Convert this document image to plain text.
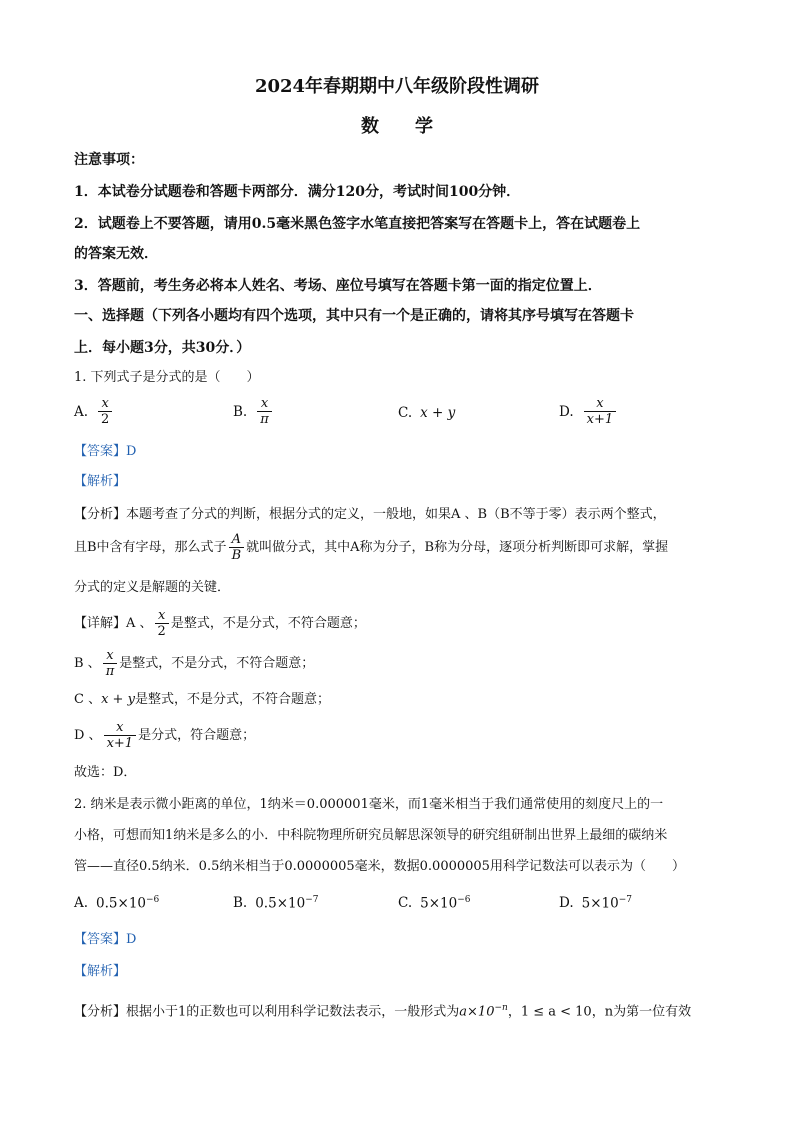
2024年春期期中八年级阶段性调研
数　　学
注意事项：
1．本试卷分试题卷和答题卡两部分．满分120分，考试时间100分钟．
2．试题卷上不要答题，请用0.5毫米黑色签字水笔直接把答案写在答题卡上，答在试题卷上
的答案无效．
3．答题前，考生务必将本人姓名、考场、座位号填写在答题卡第一面的指定位置上．
一、选择题（下列各小题均有四个选项，其中只有一个是正确的，请将其序号填写在答题卡
上．每小题3分，共30分．）
1. 下列式子是分式的是（　　）
A. $\frac{x}{2}$	B. $\frac{x}{\pi}$	C. x + y	D. $\frac{x}{x+1}$
【答案】D
【解析】
【分析】本题考查了分式的判断，根据分式的定义，一般地，如果A 、B（B不等于零）表示两个整式，
且B中含有字母，那么式子 $\frac{A}{B}$ 就叫做分式，其中A称为分子，B称为分母，逐项分析判断即可求解，掌握
分式的定义是解题的关键．
【详解】A 、 $\frac{x}{2}$ 是整式，不是分式，不符合题意；
B 、 $\frac{x}{\pi}$ 是整式，不是分式，不符合题意；
C 、x + y是整式，不是分式，不符合题意；
D 、 $\frac{x}{x+1}$ 是分式，符合题意；
故选：D．
2. 纳米是表示微小距离的单位，1纳米＝0.000001毫米，而1毫米相当于我们通常使用的刻度尺上的一
小格，可想而知1纳米是多么的小．中科院物理所研究员解思深领导的研究组研制出世界上最细的碳纳米
管——直径0.5纳米．0.5纳米相当于0.0000005毫米，数据0.0000005用科学记数法可以表示为（　　）
A. $0.5\times 10^{-6}$	B. $0.5\times 10^{-7}$	C. $5\times 10^{-6}$	D. $5\times 10^{-7}$
【答案】D
【解析】
【分析】根据小于1的正数也可以利用科学记数法表示，一般形式为$a\times 10^{-n}$，1 ≤ a < 10，n为第一位有效
